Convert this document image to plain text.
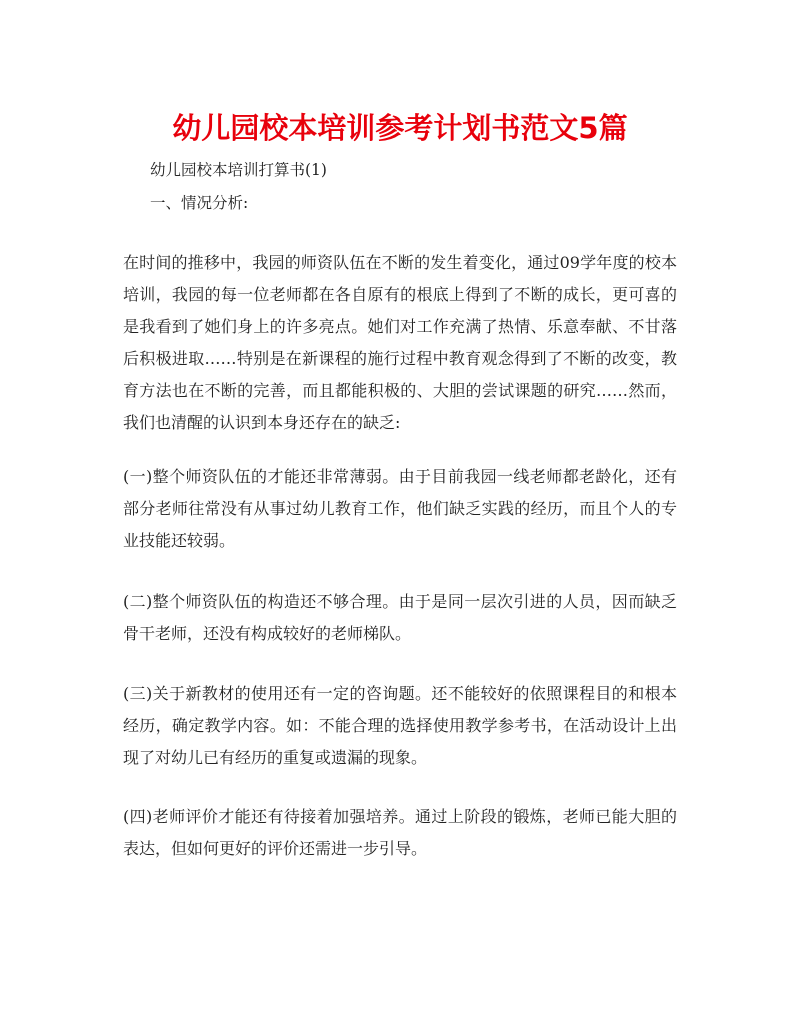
幼儿园校本培训参考计划书范文5篇
幼儿园校本培训打算书(1)
一、情况分析:
在时间的推移中，我园的师资队伍在不断的发生着变化，通过09学年度的校本培训，我园的每一位老师都在各自原有的根底上得到了不断的成长，更可喜的是我看到了她们身上的许多亮点。她们对工作充满了热情、乐意奉献、不甘落后积极进取……特别是在新课程的施行过程中教育观念得到了不断的改变，教育方法也在不断的完善，而且都能积极的、大胆的尝试课题的研究……然而，我们也清醒的认识到本身还存在的缺乏:
(一)整个师资队伍的才能还非常薄弱。由于目前我园一线老师都老龄化，还有部分老师往常没有从事过幼儿教育工作，他们缺乏实践的经历，而且个人的专业技能还较弱。
(二)整个师资队伍的构造还不够合理。由于是同一层次引进的人员，因而缺乏骨干老师，还没有构成较好的老师梯队。
(三)关于新教材的使用还有一定的咨询题。还不能较好的依照课程目的和根本经历，确定教学内容。如：不能合理的选择使用教学参考书，在活动设计上出现了对幼儿已有经历的重复或遗漏的现象。
(四)老师评价才能还有待接着加强培养。通过上阶段的锻炼，老师已能大胆的表达，但如何更好的评价还需进一步引导。
